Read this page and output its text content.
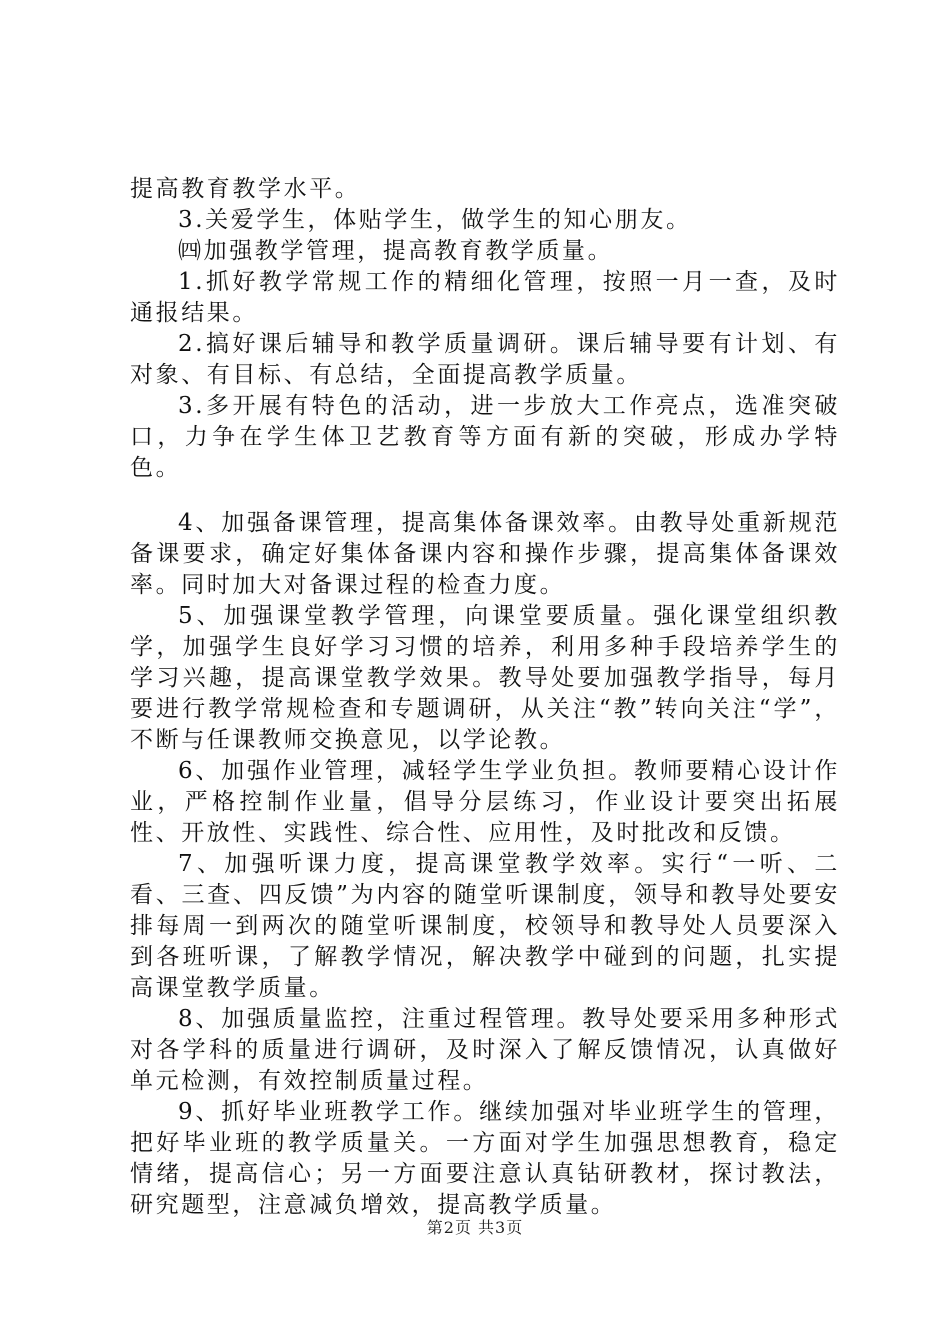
提高教育教学水平。

3.关爱学生，体贴学生，做学生的知心朋友。

㈣加强教学管理，提高教育教学质量。

1.抓好教学常规工作的精细化管理，按照一月一查，及时通报结果。

2.搞好课后辅导和教学质量调研。课后辅导要有计划、有对象、有目标、有总结，全面提高教学质量。

3.多开展有特色的活动，进一步放大工作亮点，选准突破口，力争在学生体卫艺教育等方面有新的突破，形成办学特色。

4、加强备课管理，提高集体备课效率。由教导处重新规范备课要求，确定好集体备课内容和操作步骤，提高集体备课效率。同时加大对备课过程的检查力度。

5、加强课堂教学管理，向课堂要质量。强化课堂组织教学，加强学生良好学习习惯的培养，利用多种手段培养学生的学习兴趣，提高课堂教学效果。教导处要加强教学指导，每月要进行教学常规检查和专题调研，从关注“教”转向关注“学”，不断与任课教师交换意见，以学论教。

6、加强作业管理，减轻学生学业负担。教师要精心设计作业，严格控制作业量，倡导分层练习，作业设计要突出拓展性、开放性、实践性、综合性、应用性，及时批改和反馈。

7、加强听课力度，提高课堂教学效率。实行“一听、二看、三查、四反馈”为内容的随堂听课制度，领导和教导处要安排每周一到两次的随堂听课制度，校领导和教导处人员要深入到各班听课，了解教学情况，解决教学中碰到的问题，扎实提高课堂教学质量。

8、加强质量监控，注重过程管理。教导处要采用多种形式对各学科的质量进行调研，及时深入了解反馈情况，认真做好单元检测，有效控制质量过程。

9、抓好毕业班教学工作。继续加强对毕业班学生的管理，把好毕业班的教学质量关。一方面对学生加强思想教育，稳定情绪，提高信心；另一方面要注意认真钻研教材，探讨教法，研究题型，注意减负增效，提高教学质量。

第2页 共3页
